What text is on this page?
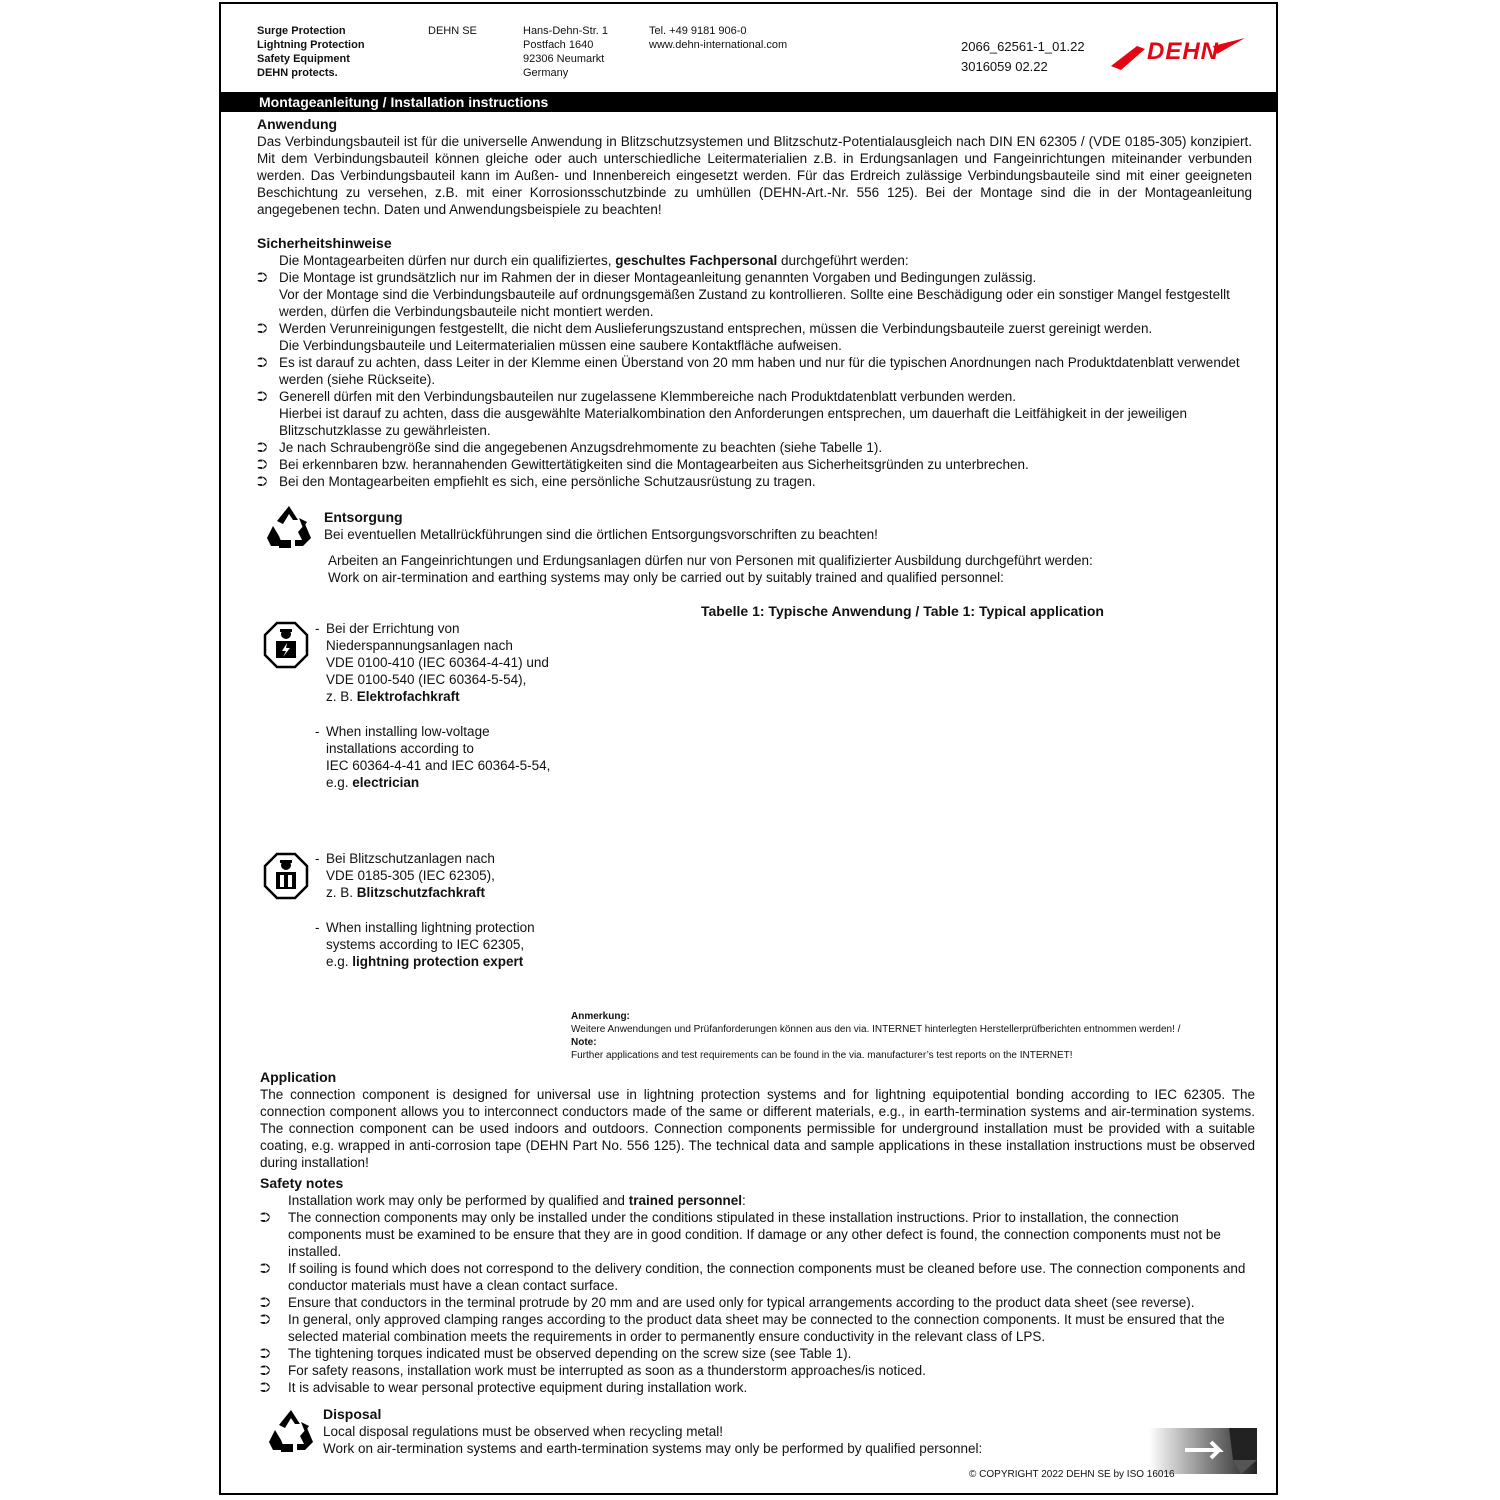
Surge Protection
Lightning Protection
Safety Equipment
DEHN protects.
DEHN SE	Hans-Dehn-Str. 1
Postfach 1640
92306 Neumarkt
Germany
Tel. +49 9181 906-0
www.dehn-international.com	2066_62561-1_01.22
3016059 02.22
DEHN
Montageanleitung / Installation instructions
Anwendung
Das Verbindungsbauteil ist für die universelle Anwendung in Blitzschutzsystemen und Blitzschutz-Potentialausgleich nach DIN EN 62305 / (VDE 0185-305) konzipiert. Mit dem Verbindungsbauteil können gleiche oder auch unterschiedliche Leitermaterialien z.B. in Erdungsanlagen und Fangeinrichtungen miteinander verbunden werden. Das Verbindungsbauteil kann im Außen- und Innenbereich eingesetzt werden. Für das Erdreich zulässige Verbindungsbauteile sind mit einer geeigneten Beschichtung zu versehen, z.B. mit einer Korrosionsschutzbinde zu umhüllen (DEHN-Art.-Nr. 556 125). Bei der Montage sind die in der Montageanleitung angegebenen techn. Daten und Anwendungsbeispiele zu beachten!
Sicherheitshinweise
Die Montagearbeiten dürfen nur durch ein qualifiziertes, geschultes Fachpersonal durchgeführt werden:
⮊ Die Montage ist grundsätzlich nur im Rahmen der in dieser Montageanleitung genannten Vorgaben und Bedingungen zulässig.
Vor der Montage sind die Verbindungsbauteile auf ordnungsgemäßen Zustand zu kontrollieren. Sollte eine Beschädigung oder ein sonstiger Mangel festgestellt werden, dürfen die Verbindungsbauteile nicht montiert werden.
⮊ Werden Verunreinigungen festgestellt, die nicht dem Auslieferungszustand entsprechen, müssen die Verbindungsbauteile zuerst gereinigt werden.
Die Verbindungsbauteile und Leitermaterialien müssen eine saubere Kontaktfläche aufweisen.
⮊ Es ist darauf zu achten, dass Leiter in der Klemme einen Überstand von 20 mm haben und nur für die typischen Anordnungen nach Produktdatenblatt verwendet werden (siehe Rückseite).
⮊ Generell dürfen mit den Verbindungsbauteilen nur zugelassene Klemmbereiche nach Produktdatenblatt verbunden werden.
Hierbei ist darauf zu achten, dass die ausgewählte Materialkombination den Anforderungen entsprechen, um dauerhaft die Leitfähigkeit in der jeweiligen Blitzschutzklasse zu gewährleisten.
⮊ Je nach Schraubengröße sind die angegebenen Anzugsdrehmomente zu beachten (siehe Tabelle 1).
⮊ Bei erkennbaren bzw. herannahenden Gewittertätigkeiten sind die Montagearbeiten aus Sicherheitsgründen zu unterbrechen.
⮊ Bei den Montagearbeiten empfiehlt es sich, eine persönliche Schutzausrüstung zu tragen.
Entsorgung
Bei eventuellen Metallrückführungen sind die örtlichen Entsorgungsvorschriften zu beachten!
Arbeiten an Fangeinrichtungen und Erdungsanlagen dürfen nur von Personen mit qualifizierter Ausbildung durchgeführt werden:
Work on air-termination and earthing systems may only be carried out by suitably trained and qualified personnel:
Tabelle 1: Typische Anwendung / Table 1: Typical application
- Bei der Errichtung von
Niederspannungsanlagen nach
VDE 0100-410 (IEC 60364-4-41) und
VDE 0100-540 (IEC 60364-5-54),
z. B. Elektrofachkraft
- When installing low-voltage
installations according to
IEC 60364-4-41 and IEC 60364-5-54,
e.g. electrician
- Bei Blitzschutzanlagen nach
VDE 0185-305 (IEC 62305),
z. B. Blitzschutzfachkraft
- When installing lightning protection
systems according to IEC 62305,
e.g. lightning protection expert
Anmerkung:
Weitere Anwendungen und Prüfanforderungen können aus den via. INTERNET hinterlegten Herstellerprüfberichten entnommen werden! /
Note:
Further applications and test requirements can be found in the via. manufacturer’s test reports on the INTERNET!
Application
The connection component is designed for universal use in lightning protection systems and for lightning equipotential bonding according to IEC 62305. The connection component allows you to interconnect conductors made of the same or different materials, e.g., in earth-termination systems and air-termination systems. The connection component can be used indoors and outdoors. Connection components permissible for underground installation must be provided with a suitable coating, e.g. wrapped in anti-corrosion tape (DEHN Part No. 556 125). The technical data and sample applications in these installation instructions must be observed during installation!
Safety notes
Installation work may only be performed by qualified and trained personnel:
⮊ The connection components may only be installed under the conditions stipulated in these installation instructions. Prior to installation, the connection components must be examined to be ensure that they are in good condition. If damage or any other defect is found, the connection components must not be installed.
⮊ If soiling is found which does not correspond to the delivery condition, the connection components must be cleaned before use. The connection components and conductor materials must have a clean contact surface.
⮊ Ensure that conductors in the terminal protrude by 20 mm and are used only for typical arrangements according to the product data sheet (see reverse).
⮊ In general, only approved clamping ranges according to the product data sheet may be connected to the connection components. It must be ensured that the selected material combination meets the requirements in order to permanently ensure conductivity in the relevant class of LPS.
⮊ The tightening torques indicated must be observed depending on the screw size (see Table 1).
⮊ For safety reasons, installation work must be interrupted as soon as a thunderstorm approaches/is noticed.
⮊ It is advisable to wear personal protective equipment during installation work.
Disposal
Local disposal regulations must be observed when recycling metal!
Work on air-termination systems and earth-termination systems may only be performed by qualified personnel:
© COPYRIGHT 2022 DEHN SE by ISO 16016
